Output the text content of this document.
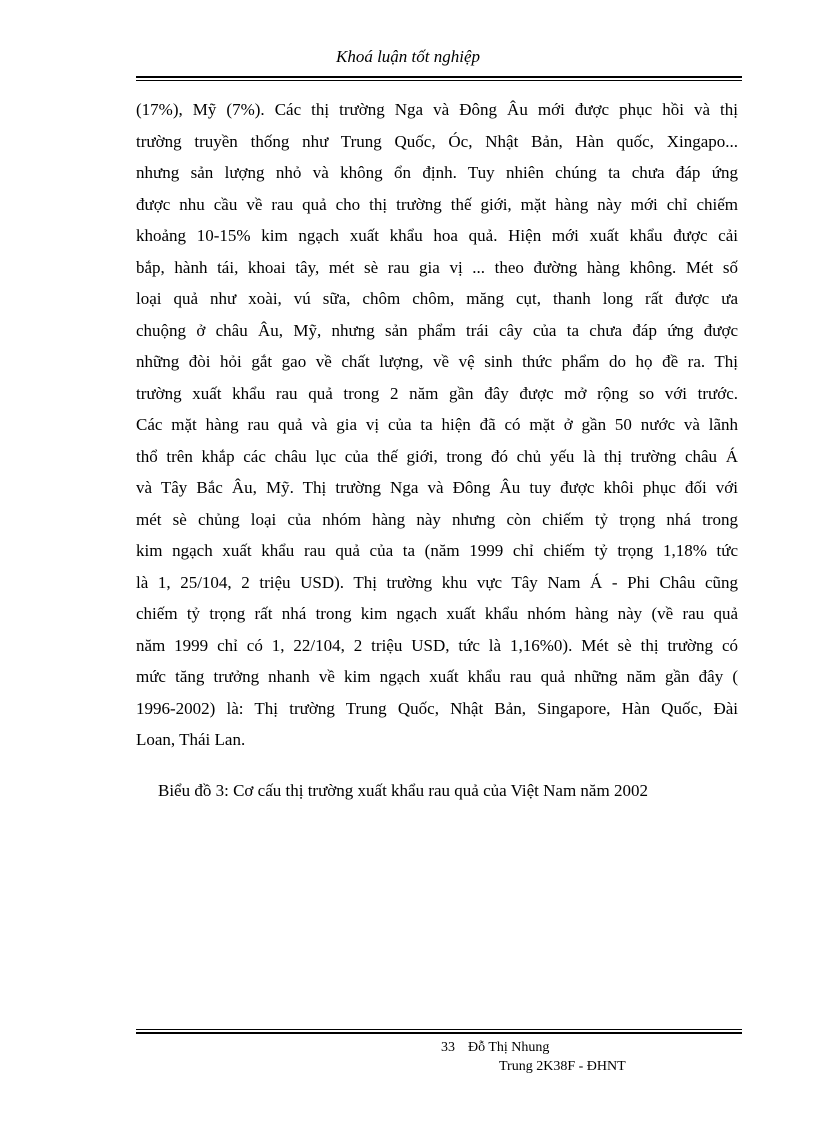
Khoá luận tốt nghiệp
(17%), Mỹ (7%). Các thị trường Nga và Đông Âu mới được phục hồi và thị
trường truyền thống như Trung Quốc, Óc, Nhật Bản, Hàn quốc, Xingapo...
nhưng sản lượng nhỏ và không ổn định. Tuy nhiên chúng ta chưa đáp ứng
được nhu cầu về rau quả cho thị trường thế giới, mặt hàng này mới chỉ chiếm
khoảng 10-15% kim ngạch xuất khẩu hoa quả. Hiện mới xuất khẩu được cải
bắp, hành tái, khoai tây, mét sè rau gia vị ... theo đường hàng không. Mét số
loại quả như xoài, vú sữa, chôm chôm, măng cụt, thanh long rất được ưa
chuộng ở châu Âu, Mỹ, nhưng sản phẩm trái cây của ta chưa đáp ứng được
những đòi hỏi gắt gao về chất lượng, về vệ sinh thức phẩm do họ đề ra. Thị
trường xuất khẩu rau quả trong 2 năm gần đây được mở rộng so với trước.
Các mặt hàng rau quả và gia vị của ta hiện đã có mặt ở gần 50 nước và lãnh
thổ trên khắp các châu lục của thế giới, trong đó chủ yếu là thị trường châu Á
và Tây Bắc Âu, Mỹ. Thị trường Nga và Đông Âu tuy được khôi phục đối với
mét sè chủng loại của nhóm hàng này nhưng còn chiếm tỷ trọng nhá trong
kim ngạch xuất khẩu rau quả của ta (năm 1999 chỉ chiếm tỷ trọng 1,18% tức
là 1, 25/104, 2 triệu USD). Thị trường khu vực Tây Nam Á - Phi Châu cũng
chiếm tỷ trọng rất nhá trong kim ngạch xuất khẩu nhóm hàng này (về rau quả
năm 1999 chỉ có 1, 22/104, 2 triệu USD, tức là 1,16%0). Mét sè thị trường có
mức tăng trưởng nhanh về kim ngạch xuất khẩu rau quả những năm gần đây (
1996-2002) là: Thị trường Trung Quốc, Nhật Bản, Singapore, Hàn Quốc, Đài
Loan, Thái Lan.
Biểu đồ 3: Cơ cấu thị trường xuất khẩu rau quả của Việt Nam năm 2002
33 Đỗ Thị Nhung
Trung 2K38F - ĐHNT
